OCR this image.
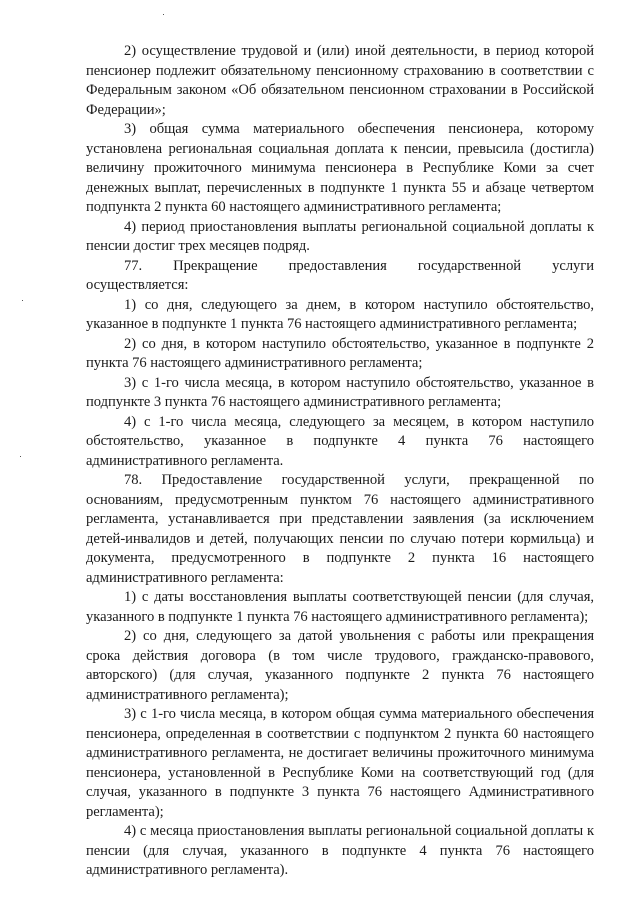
2) осуществление трудовой и (или) иной деятельности, в период которой пенсионер подлежит обязательному пенсионному страхованию в соответствии с Федеральным законом «Об обязательном пенсионном страховании в Российской Федерации»;

3) общая сумма материального обеспечения пенсионера, которому установлена региональная социальная доплата к пенсии, превысила (достигла) величину прожиточного минимума пенсионера в Республике Коми за счет денежных выплат, перечисленных в подпункте 1 пункта 55 и абзаце четвертом подпункта 2 пункта 60 настоящего административного регламента;

4) период приостановления выплаты региональной социальной доплаты к пенсии достиг трех месяцев подряд.

77. Прекращение предоставления государственной услуги осуществляется:

1) со дня, следующего за днем, в котором наступило обстоятельство, указанное в подпункте 1 пункта 76 настоящего административного регламента;

2) со дня, в котором наступило обстоятельство, указанное в подпункте 2 пункта 76 настоящего административного регламента;

3) с 1-го числа месяца, в котором наступило обстоятельство, указанное в подпункте 3 пункта 76 настоящего административного регламента;

4) с 1-го числа месяца, следующего за месяцем, в котором наступило обстоятельство, указанное в подпункте 4 пункта 76 настоящего административного регламента.

78. Предоставление государственной услуги, прекращенной по основаниям, предусмотренным пунктом 76 настоящего административного регламента, устанавливается при представлении заявления (за исключением детей-инвалидов и детей, получающих пенсии по случаю потери кормильца) и документа, предусмотренного в подпункте 2 пункта 16 настоящего административного регламента:

1) с даты восстановления выплаты соответствующей пенсии (для случая, указанного в подпункте 1 пункта 76 настоящего административного регламента);

2) со дня, следующего за датой увольнения с работы или прекращения срока действия договора (в том числе трудового, гражданско-правового, авторского) (для случая, указанного подпункте 2 пункта 76 настоящего административного регламента);

3) с 1-го числа месяца, в котором общая сумма материального обеспечения пенсионера, определенная в соответствии с подпунктом 2 пункта 60 настоящего административного регламента, не достигает величины прожиточного минимума пенсионера, установленной в Республике Коми на соответствующий год (для случая, указанного в подпункте 3 пункта 76 настоящего Административного регламента);

4) с месяца приостановления выплаты региональной социальной доплаты к пенсии (для случая, указанного в подпункте 4 пункта 76 настоящего административного регламента).
